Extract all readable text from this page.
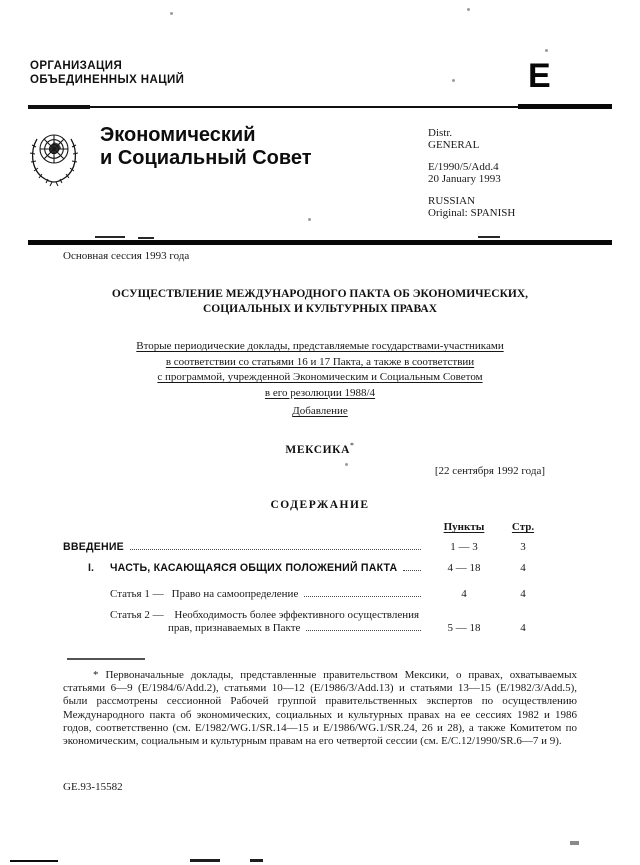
ОРГАНИЗАЦИЯ
ОБЪЕДИНЕННЫХ НАЦИЙ	E
Экономический
и Социальный Совет
Distr.
GENERAL
E/1990/5/Add.4
20 January 1993
RUSSIAN
Original: SPANISH
Основная сессия 1993 года
ОСУЩЕСТВЛЕНИЕ МЕЖДУНАРОДНОГО ПАКТА ОБ ЭКОНОМИЧЕСКИХ,
СОЦИАЛЬНЫХ И КУЛЬТУРНЫХ ПРАВАХ
Вторые периодические доклады, представляемые государствами-участниками
в соответствии со статьями 16 и 17 Пакта, а также в соответствии
с программой, учрежденной Экономическим и Социальным Советом
в его резолюции 1988/4
Добавление
МЕКСИКА*
[22 сентября 1992 года]
СОДЕРЖАНИЕ
Пункты	Стр.
ВВЕДЕНИЕ	1 — 3	3
I.	ЧАСТЬ, КАСАЮЩАЯСЯ ОБЩИХ ПОЛОЖЕНИЙ ПАКТА	4 — 18	4
Статья 1 — Право на самоопределение	4	4
Статья 2 — Необходимость более эффективного осуществления
прав, признаваемых в Пакте	5 — 18	4

* Первоначальные доклады, представленные правительством Мексики, о правах, охватываемых статьями 6—9 (E/1984/6/Add.2), статьями 10—12 (E/1986/3/Add.13) и статьями 13—15 (E/1982/3/Add.5), были рассмотрены сессионной Рабочей группой правительственных экспертов по осуществлению Международного пакта об экономических, социальных и культурных правах на ее сессиях 1982 и 1986 годов, соответственно (см. E/1982/WG.1/SR.14—15 и E/1986/WG.1/SR.24, 26 и 28), а также Комитетом по экономическим, социальным и культурным правам на его четвертой сессии (см. E/C.12/1990/SR.6—7 и 9).

GE.93-15582
